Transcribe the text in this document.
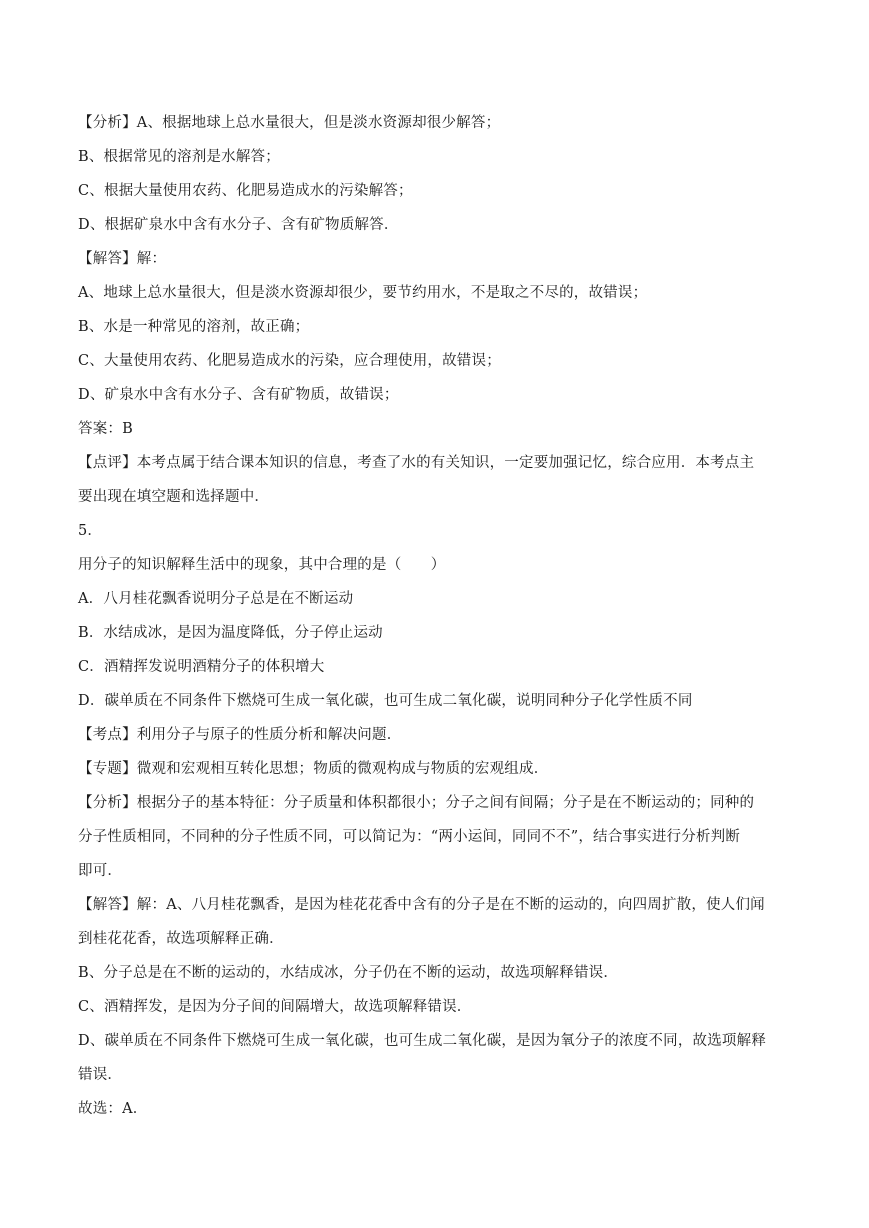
【分析】A、根据地球上总水量很大，但是淡水资源却很少解答；

B、根据常见的溶剂是水解答；

C、根据大量使用农药、化肥易造成水的污染解答；

D、根据矿泉水中含有水分子、含有矿物质解答．

【解答】解：

A、地球上总水量很大，但是淡水资源却很少，要节约用水，不是取之不尽的，故错误；

B、水是一种常见的溶剂，故正确；

C、大量使用农药、化肥易造成水的污染，应合理使用，故错误；

D、矿泉水中含有水分子、含有矿物质，故错误；

答案：B

【点评】本考点属于结合课本知识的信息，考查了水的有关知识，一定要加强记忆，综合应用．本考点主

要出现在填空题和选择题中．

5．

用分子的知识解释生活中的现象，其中合理的是（　　）

A．八月桂花飘香说明分子总是在不断运动

B．水结成冰，是因为温度降低，分子停止运动

C．酒精挥发说明酒精分子的体积增大

D．碳单质在不同条件下燃烧可生成一氧化碳，也可生成二氧化碳，说明同种分子化学性质不同

【考点】利用分子与原子的性质分析和解决问题．

【专题】微观和宏观相互转化思想；物质的微观构成与物质的宏观组成．

【分析】根据分子的基本特征：分子质量和体积都很小；分子之间有间隔；分子是在不断运动的；同种的

分子性质相同，不同种的分子性质不同，可以简记为：“两小运间，同同不不”，结合事实进行分析判断

即可．

【解答】解：A、八月桂花飘香，是因为桂花花香中含有的分子是在不断的运动的，向四周扩散，使人们闻

到桂花花香，故选项解释正确．

B、分子总是在不断的运动的，水结成冰，分子仍在不断的运动，故选项解释错误．

C、酒精挥发，是因为分子间的间隔增大，故选项解释错误．

D、碳单质在不同条件下燃烧可生成一氧化碳，也可生成二氧化碳，是因为氧分子的浓度不同，故选项解释

错误．

故选：A．
